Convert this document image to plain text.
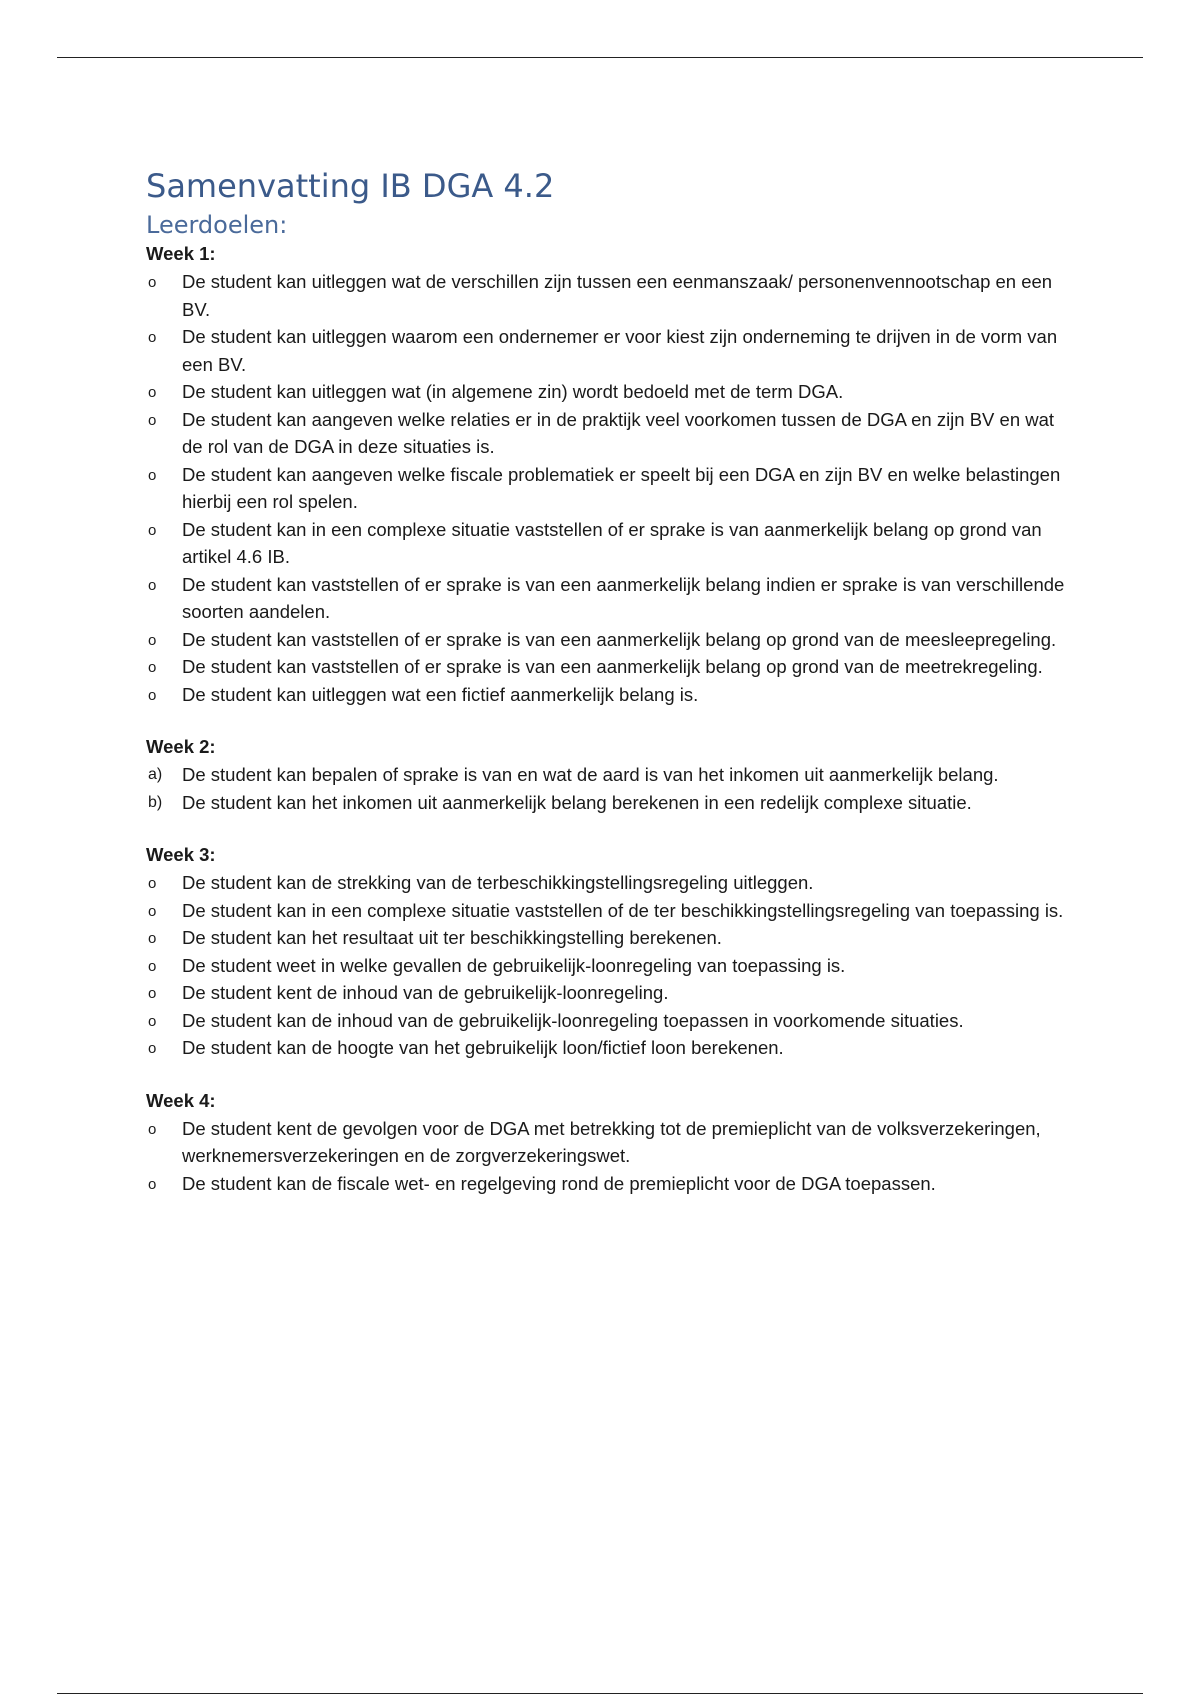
Samenvatting IB DGA 4.2
Leerdoelen:

Week 1:

o	De student kan uitleggen wat de verschillen zijn tussen een eenmanszaak/ personenvennootschap en een BV.
o	De student kan uitleggen waarom een ondernemer er voor kiest zijn onderneming te drijven in de vorm van een BV.
o	De student kan uitleggen wat (in algemene zin) wordt bedoeld met de term DGA.
o	De student kan aangeven welke relaties er in de praktijk veel voorkomen tussen de DGA en zijn BV en wat de rol van de DGA in deze situaties is.
o	De student kan aangeven welke fiscale problematiek er speelt bij een DGA en zijn BV en welke belastingen hierbij een rol spelen.
o	De student kan in een complexe situatie vaststellen of er sprake is van aanmerkelijk belang op grond van artikel 4.6 IB.
o	De student kan vaststellen of er sprake is van een aanmerkelijk belang indien er sprake is van verschillende soorten aandelen.
o	De student kan vaststellen of er sprake is van een aanmerkelijk belang op grond van de meesleepregeling.
o	De student kan vaststellen of er sprake is van een aanmerkelijk belang op grond van de meetrekregeling.
o	De student kan uitleggen wat een fictief aanmerkelijk belang is.

Week 2:

a)	De student kan bepalen of sprake is van en wat de aard is van het inkomen uit aanmerkelijk belang.
b)	De student kan het inkomen uit aanmerkelijk belang berekenen in een redelijk complexe situatie.

Week 3:

o	De student kan de strekking van de terbeschikkingstellingsregeling uitleggen.
o	De student kan in een complexe situatie vaststellen of de ter beschikkingstellingsregeling van toepassing is.
o	De student kan het resultaat uit ter beschikkingstelling berekenen.
o	De student weet in welke gevallen de gebruikelijk-loonregeling van toepassing is.
o	De student kent de inhoud van de gebruikelijk-loonregeling.
o	De student kan de inhoud van de gebruikelijk-loonregeling toepassen in voorkomende situaties.
o	De student kan de hoogte van het gebruikelijk loon/fictief loon berekenen.

Week 4:

o	De student kent de gevolgen voor de DGA met betrekking tot de premieplicht van de volksverzekeringen, werknemersverzekeringen en de zorgverzekeringswet.
o	De student kan de fiscale wet- en regelgeving rond de premieplicht voor de DGA toepassen.
